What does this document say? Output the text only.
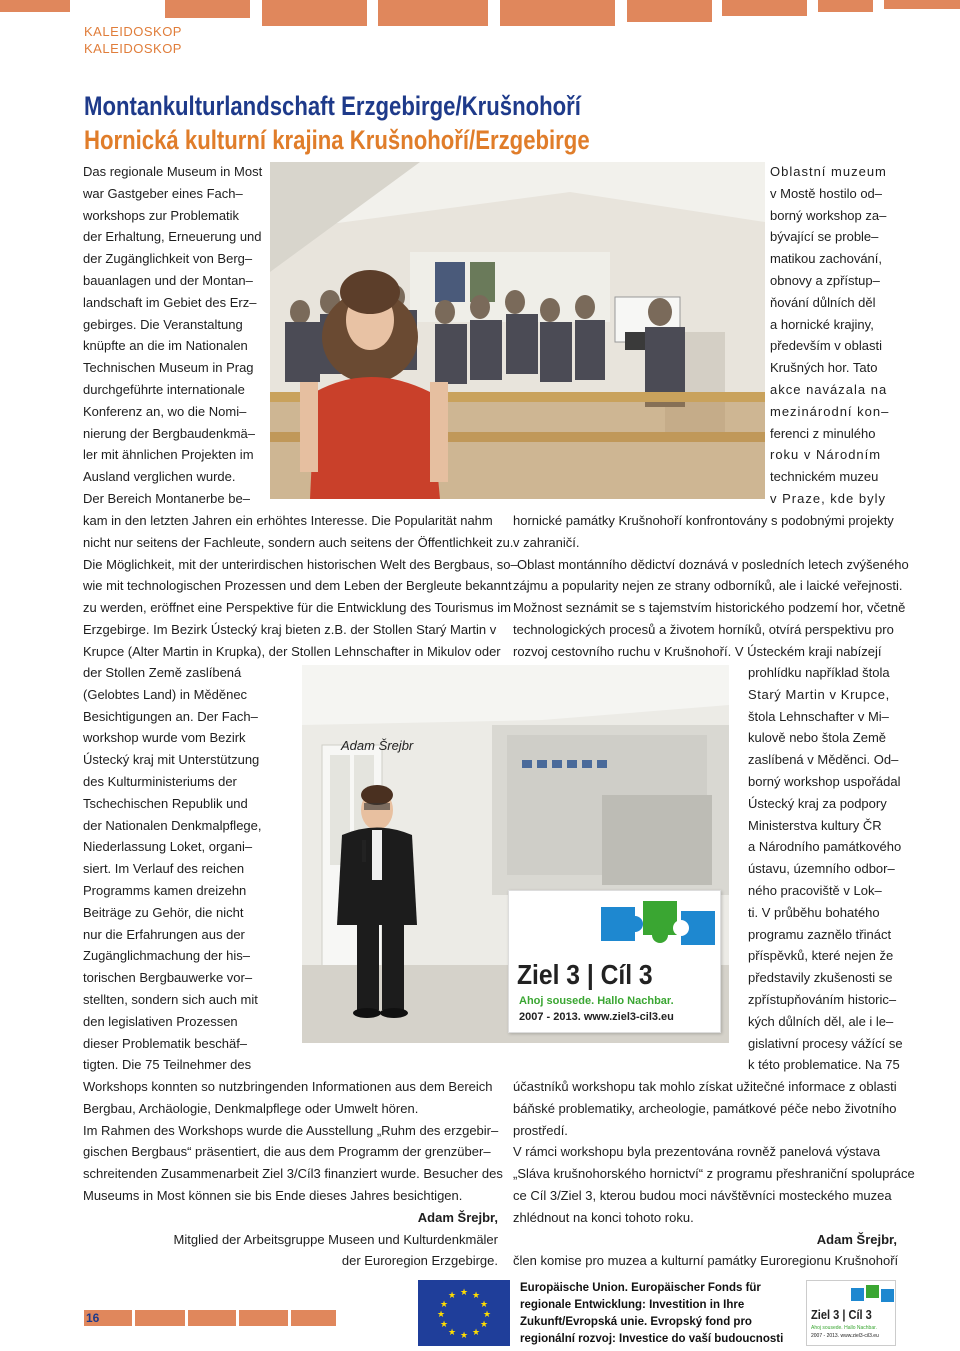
KALEIDOSKOP
KALEIDOSKOP
Montankulturlandschaft Erzgebirge/Krušnohoří
Hornická kulturní krajina Krušnohoří/Erzgebirge
Adam Šrejbr
Ziel 3 | Cíl 3
Ahoj sousede. Hallo Nachbar.
2007 - 2013. www.ziel3-cil3.eu

Das regionale Museum in Most

war Gastgeber eines Fach–

workshops zur Problematik

der Erhaltung, Erneuerung und

der Zugänglichkeit von Berg–

bauanlagen und der Montan–

landschaft im Gebiet des Erz–

gebirges. Die Veranstaltung

knüpfte an die im Nationalen

Technischen Museum in Prag

durchgeführte internationale

Konferenz an, wo die Nomi–

nierung der Bergbaudenkmä–

ler mit ähnlichen Projekten im

Ausland verglichen wurde.

Der Bereich Montanerbe be–

kam in den letzten Jahren ein erhöhtes Interesse. Die Popularität nahm

nicht nur seitens der Fachleute, sondern auch seitens der Öffentlichkeit zu.

Die Möglichkeit, mit der unterirdischen historischen Welt des Bergbaus, so–

wie mit technologischen Prozessen und dem Leben der Bergleute bekannt

zu werden, eröffnet eine Perspektive für die Entwicklung des Tourismus im

Erzgebirge. Im Bezirk Ústecký kraj bieten z.B. der Stollen Starý Martin v

Krupce (Alter Martin in Krupka), der Stollen Lehnschafter in Mikulov oder

der Stollen Země zaslíbená

(Gelobtes Land) in Měděnec

Besichtigungen an. Der Fach–

workshop wurde vom Bezirk

Ústecký kraj mit Unterstützung

des Kulturministeriums der

Tschechischen Republik und

der Nationalen Denkmalpflege,

Niederlassung Loket, organi–

siert. Im Verlauf des reichen

Programms kamen dreizehn

Beiträge zu Gehör, die nicht

nur die Erfahrungen aus der

Zugänglichmachung der his–

torischen Bergbauwerke vor–

stellten, sondern sich auch mit

den legislativen Prozessen

dieser Problematik beschäf–

tigten. Die 75 Teilnehmer des

Workshops konnten so nutzbringenden Informationen aus dem Bereich

Bergbau, Archäologie, Denkmalpflege oder Umwelt hören.

Im Rahmen des Workshops wurde die Ausstellung „Ruhm des erzgebir–

gischen Bergbaus“ präsentiert, die aus dem Programm der grenzüber–

schreitenden Zusammenarbeit Ziel 3/Cíl3 finanziert wurde. Besucher des

Museums in Most können sie bis Ende dieses Jahres besichtigen.

Adam Šrejbr,

Mitglied der Arbeitsgruppe Museen und Kulturdenkmäler

der Euroregion Erzgebirge.

Oblastní muzeum

v Mostě hostilo od–

borný workshop za–

bývající se proble–

matikou zachování,

obnovy a zpřístup–

ňování důlních děl

a hornické krajiny,

především v oblasti

Krušných hor. Tato

akce navázala na

mezinárodní kon–

ferenci z minulého

roku v Národním

technickém muzeu

v Praze, kde byly

hornické památky Krušnohoří konfrontovány s podobnými projekty

v zahraničí.

Oblast montánního dědictví doznává v posledních letech zvýšeného

zájmu a popularity nejen ze strany odborníků, ale i laické veřejnosti.

Možnost seznámit se s tajemstvím historického podzemí hor, včetně

technologických procesů a životem horníků, otvírá perspektivu pro

rozvoj cestovního ruchu v Krušnohoří. V Ústeckém kraji nabízejí

prohlídku například štola

Starý Martin v Krupce,

štola Lehnschafter v Mi–

kulově nebo štola Země

zaslíbená v Měděnci. Od–

borný workshop uspořádal

Ústecký kraj za podpory

Ministerstva kultury ČR

a Národního památkového

ústavu, územního odbor–

ného pracoviště v Lok–

ti. V průběhu bohatého

programu zaznělo třináct

příspěvků, které nejen že

představily zkušenosti se

zpřístupňováním historic–

kých důlních děl, ale i le–

gislativní procesy vážící se

k této problematice. Na 75

účastníků workshopu tak mohlo získat užitečné informace z oblasti

báňské problematiky, archeologie, památkové péče nebo životního

prostředí.

V rámci workshopu byla prezentována rovněž panelová výstava

„Sláva krušnohorského hornictví“ z programu přeshraniční spolupráce

ce Cíl 3/Ziel 3, kterou budou moci návštěvníci mosteckého muzea

zhlédnout na konci tohoto roku.

Adam Šrejbr,

člen komise pro muzea a kulturní památky Euroregionu Krušnohoří

16
★ ★
★
★
★
★
★
★
★
★
★
★

Europäische Union. Europäischer Fonds für

regionale Entwicklung: Investition in Ihre

Zukunft/Evropská unie. Evropský fond pro

regionální rozvoj: Investice do vaší budoucnosti

Ziel 3 | Cíl 3
Ahoj sousede. Hallo Nachbar.
2007 - 2013. www.ziel3-cil3.eu
